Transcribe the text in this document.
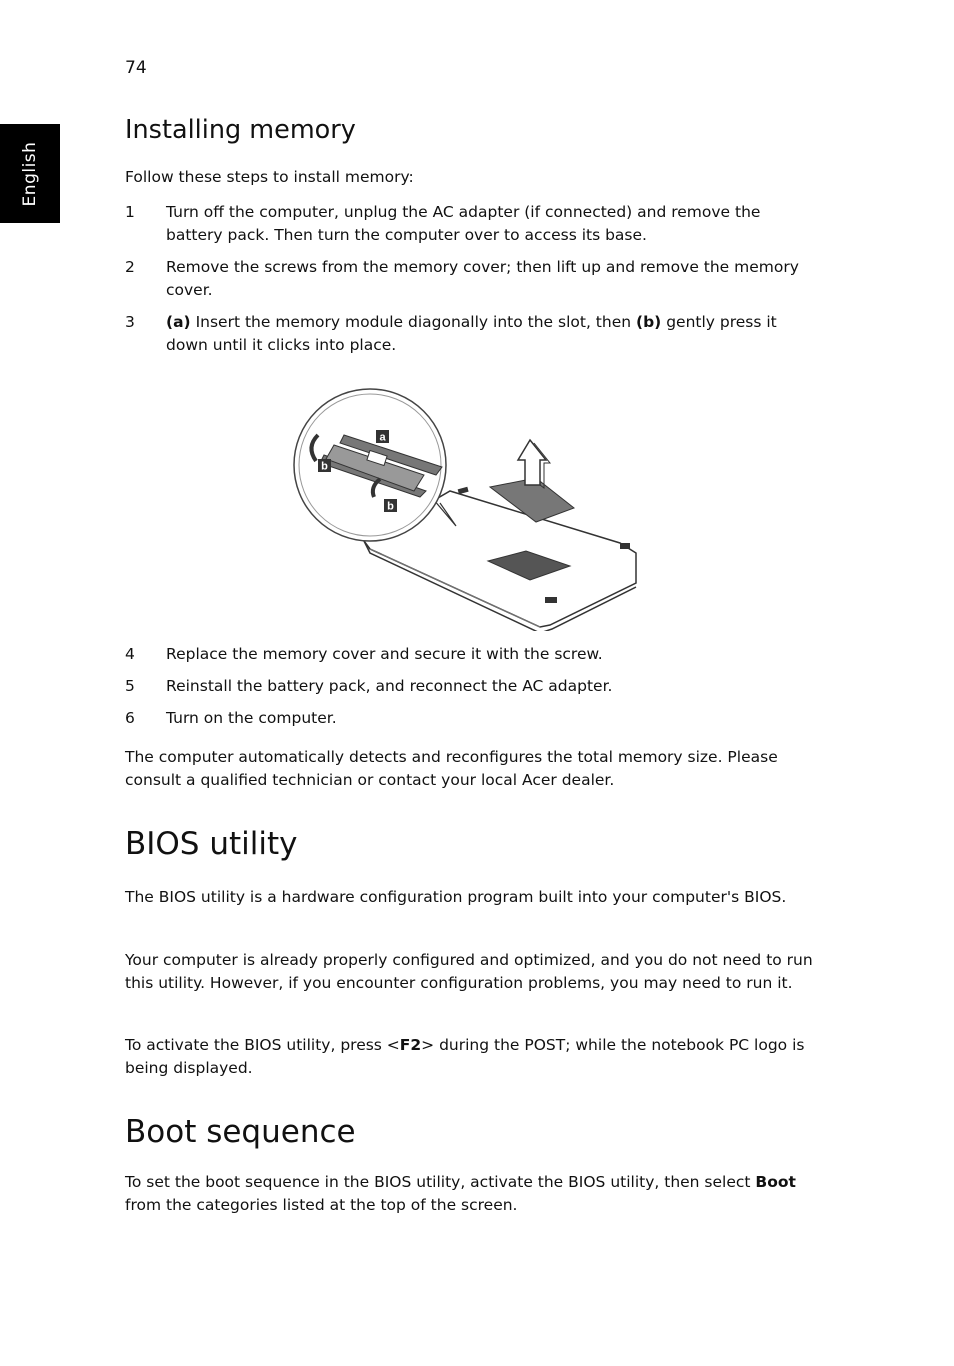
74
English
Installing memory

Follow these steps to install memory:

1 Turn off the computer, unplug the AC adapter (if connected) and remove the battery pack. Then turn the computer over to access its base.
2 Remove the screws from the memory cover; then lift up and remove the memory cover.
3 (a) Insert the memory module diagonally into the slot, then (b) gently press it down until it clicks into place.
a
b
b
4 Replace the memory cover and secure it with the screw.
5 Reinstall the battery pack, and reconnect the AC adapter.
6 Turn on the computer.

The computer automatically detects and reconfigures the total memory size. Please consult a qualified technician or contact your local Acer dealer.

BIOS utility

The BIOS utility is a hardware configuration program built into your computer's BIOS.

Your computer is already properly configured and optimized, and you do not need to run this utility. However, if you encounter configuration problems, you may need to run it.

To activate the BIOS utility, press <F2> during the POST; while the notebook PC logo is being displayed.

Boot sequence

To set the boot sequence in the BIOS utility, activate the BIOS utility, then select Boot from the categories listed at the top of the screen.
